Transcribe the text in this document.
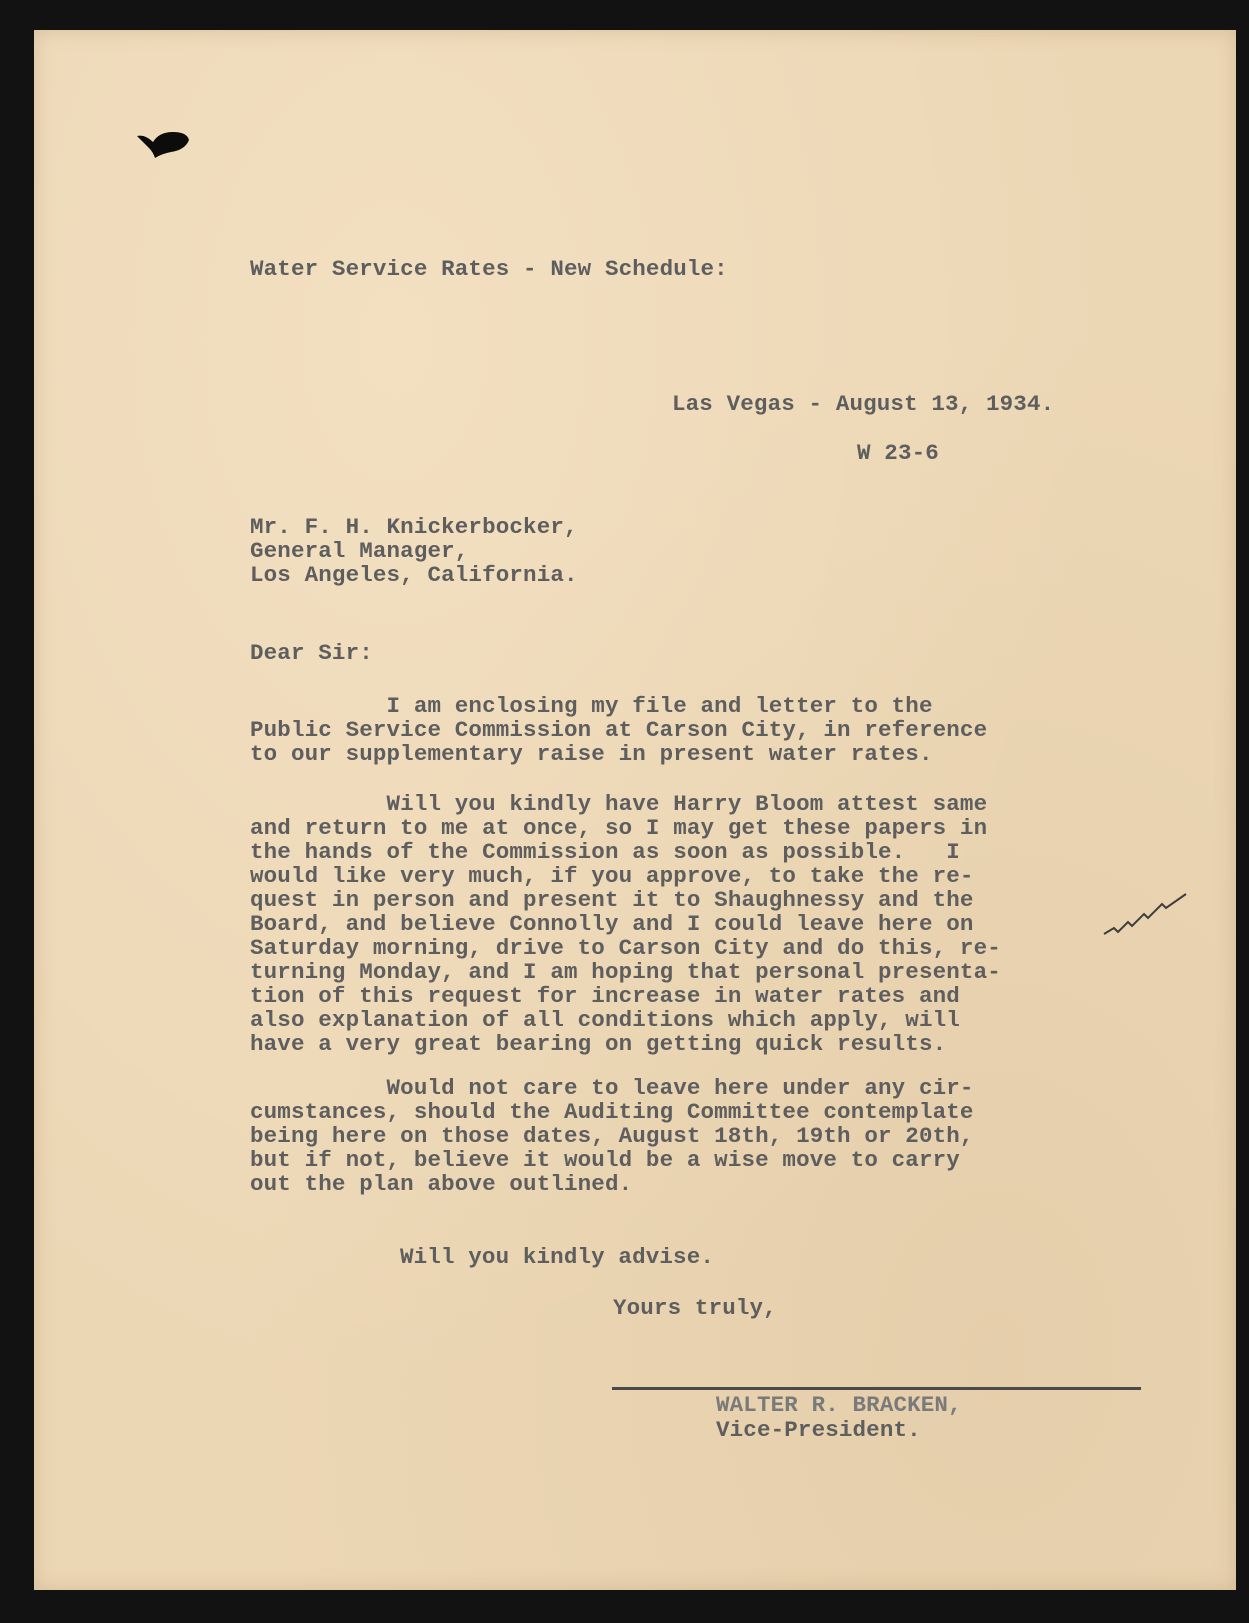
Water Service Rates - New Schedule:

Las Vegas - August 13, 1934.

W 23-6

Mr. F. H. Knickerbocker,
General Manager,
Los Angeles, California.

Dear Sir:

I am enclosing my file and letter to the
Public Service Commission at Carson City, in reference
to our supplementary raise in present water rates.
Will you kindly have Harry Bloom attest same
and return to me at once, so I may get these papers in
the hands of the Commission as soon as possible.   I
would like very much, if you approve, to take the re-
quest in person and present it to Shaughnessy and the
Board, and believe Connolly and I could leave here on
Saturday morning, drive to Carson City and do this, re-
turning Monday, and I am hoping that personal presenta-
tion of this request for increase in water rates and
also explanation of all conditions which apply, will
have a very great bearing on getting quick results.
Would not care to leave here under any cir-
cumstances, should the Auditing Committee contemplate
being here on those dates, August 18th, 19th or 20th,
but if not, believe it would be a wise move to carry
out the plan above outlined.

Will you kindly advise.

Yours truly,

WALTER R. BRACKEN,

Vice-President.
